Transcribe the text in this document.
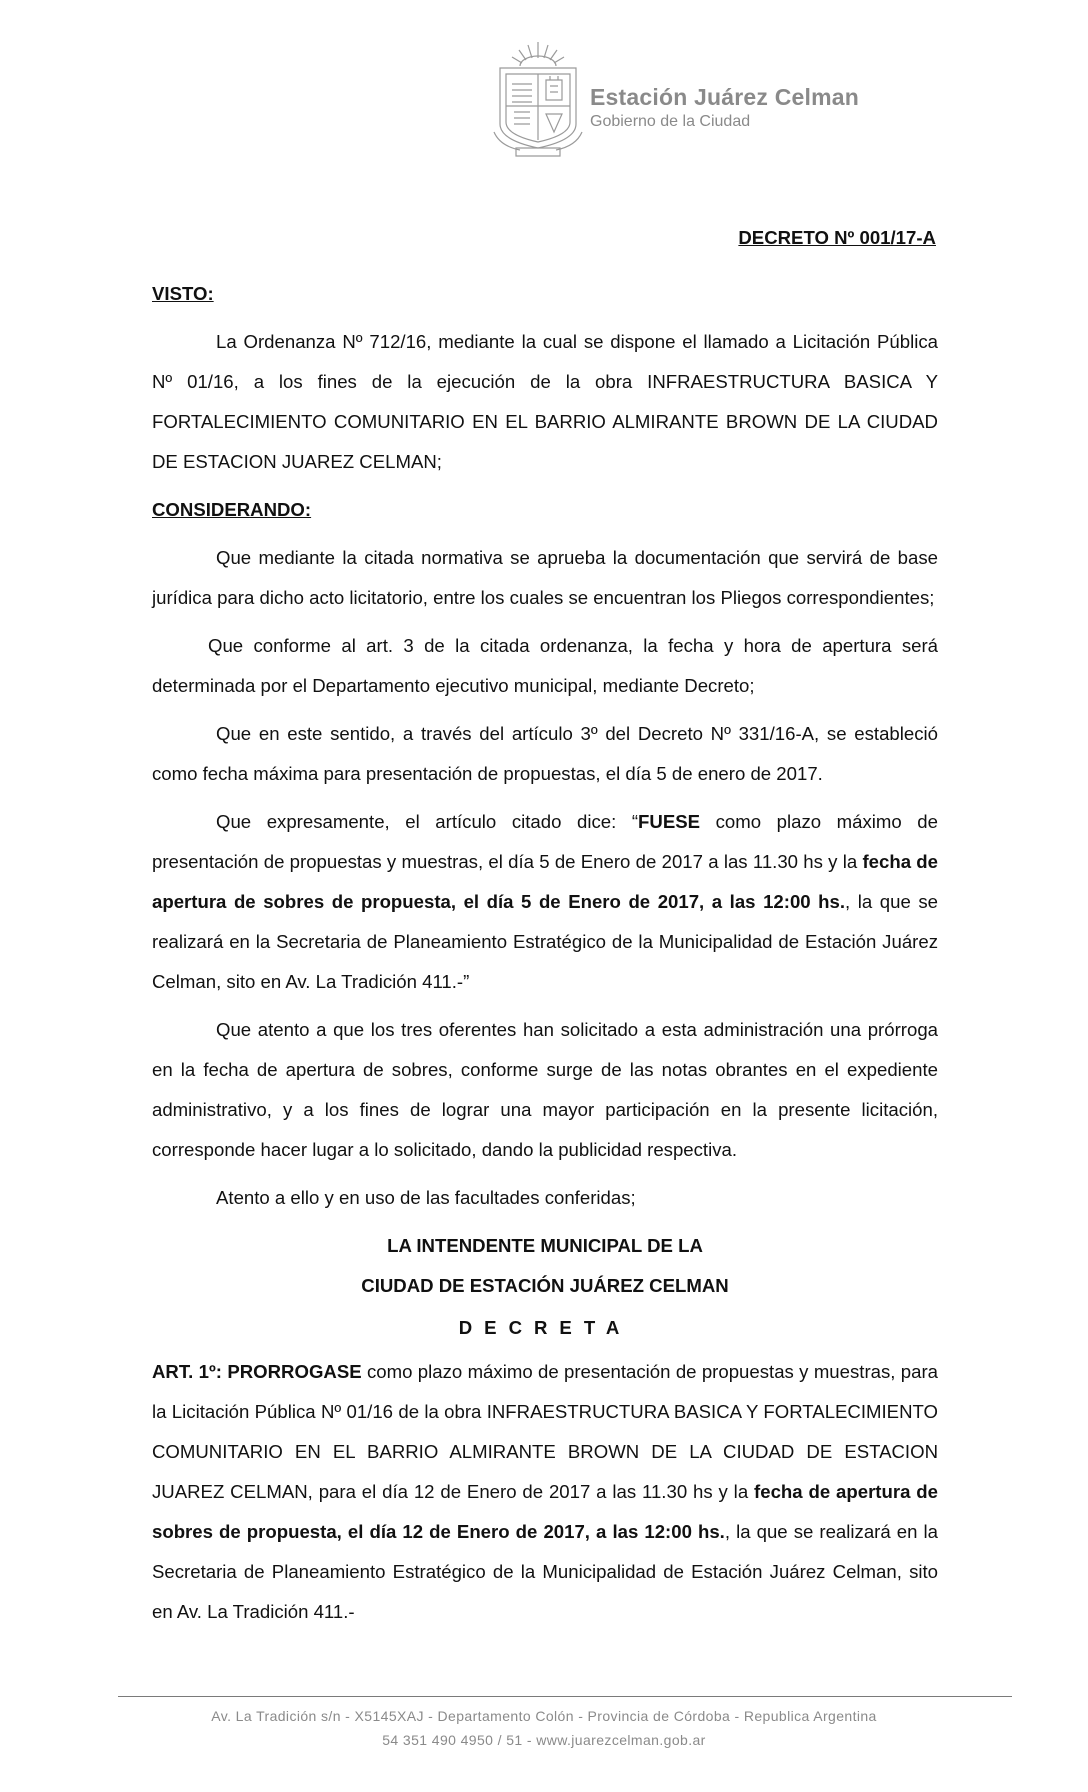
Estación Juárez Celman
Gobierno de la Ciudad

DECRETO Nº 001/17-A

VISTO:

La Ordenanza Nº 712/16, mediante la cual se dispone el llamado a Licitación Pública Nº 01/16, a los fines de la ejecución de la obra INFRAESTRUCTURA BASICA Y FORTALECIMIENTO COMUNITARIO EN EL BARRIO ALMIRANTE BROWN DE LA CIUDAD DE ESTACION JUAREZ CELMAN;

CONSIDERANDO:

Que mediante la citada normativa se aprueba la documentación que servirá de base jurídica para dicho acto licitatorio, entre los cuales se encuentran los Pliegos correspondientes;

Que conforme al art. 3 de la citada ordenanza, la fecha y hora de apertura será determinada por el Departamento ejecutivo municipal, mediante Decreto;

Que en este sentido, a través del artículo 3º del Decreto Nº 331/16-A, se estableció como fecha máxima para presentación de propuestas, el día 5 de enero de 2017.

Que expresamente, el artículo citado dice: “FUESE como plazo máximo de presentación de propuestas y muestras, el día 5 de Enero de 2017 a las 11.30 hs y la fecha de apertura de sobres de propuesta, el día 5 de Enero de 2017, a las 12:00 hs., la que se realizará en la Secretaria de Planeamiento Estratégico de la Municipalidad de Estación Juárez Celman, sito en Av. La Tradición 411.-”

Que atento a que los tres oferentes han solicitado a esta administración una prórroga en la fecha de apertura de sobres, conforme surge de las notas obrantes en el expediente administrativo, y a los fines de lograr una mayor participación en la presente licitación, corresponde hacer lugar a lo solicitado, dando la publicidad respectiva.

Atento a ello y en uso de las facultades conferidas;

LA INTENDENTE MUNICIPAL DE LA

CIUDAD DE ESTACIÓN JUÁREZ CELMAN

DECRETA

ART. 1º: PRORROGASE como plazo máximo de presentación de propuestas y muestras, para la Licitación Pública Nº 01/16 de la obra INFRAESTRUCTURA BASICA Y FORTALECIMIENTO COMUNITARIO EN EL BARRIO ALMIRANTE BROWN DE LA CIUDAD DE ESTACION JUAREZ CELMAN, para el día 12 de Enero de 2017 a las 11.30 hs y la fecha de apertura de sobres de propuesta, el día 12 de Enero de 2017, a las 12:00 hs., la que se realizará en la Secretaria de Planeamiento Estratégico de la Municipalidad de Estación Juárez Celman, sito en Av. La Tradición 411.-

Av. La Tradición s/n - X5145XAJ - Departamento Colón - Provincia de Córdoba - Republica Argentina
54 351 490 4950 / 51 - www.juarezcelman.gob.ar
